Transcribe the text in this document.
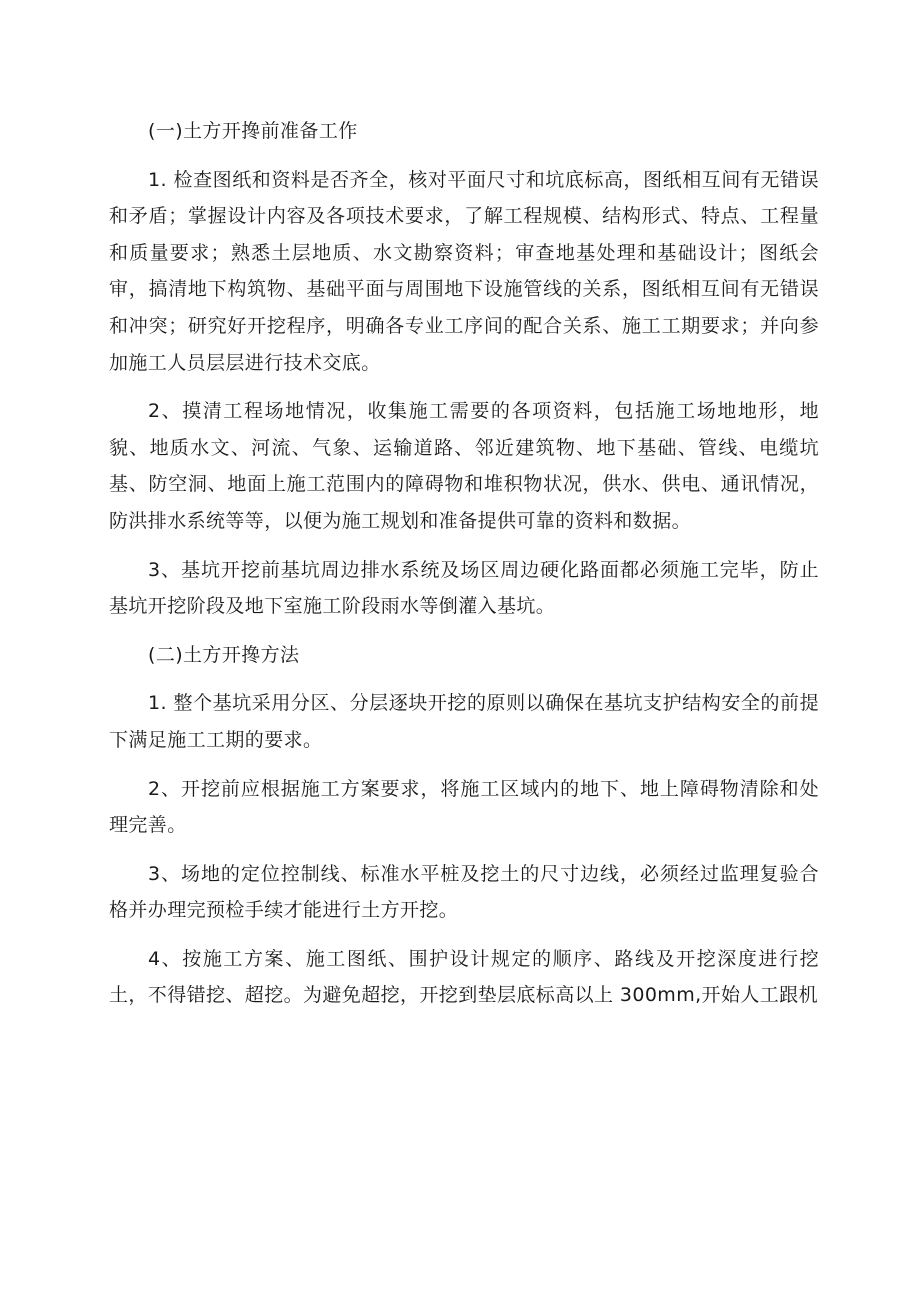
(一)土方开搀前准备工作

1. 检查图纸和资料是否齐全，核对平面尺寸和坑底标高，图纸相互间有无错误和矛盾；掌握设计内容及各项技术要求，了解工程规模、结构形式、特点、工程量和质量要求；熟悉土层地质、水文勘察资料；审查地基处理和基础设计；图纸会审，搞清地下构筑物、基础平面与周围地下设施管线的关系，图纸相互间有无错误和冲突；研究好开挖程序，明确各专业工序间的配合关系、施工工期要求；并向参加施工人员层层进行技术交底。

2、摸清工程场地情况，收集施工需要的各项资料，包括施工场地地形，地貌、地质水文、河流、气象、运输道路、邻近建筑物、地下基础、管线、电缆坑基、防空洞、地面上施工范围内的障碍物和堆积物状况，供水、供电、通讯情况，防洪排水系统等等，以便为施工规划和准备提供可靠的资料和数据。

3、基坑开挖前基坑周边排水系统及场区周边硬化路面都必须施工完毕，防止基坑开挖阶段及地下室施工阶段雨水等倒灌入基坑。

(二)土方开搀方法

1. 整个基坑采用分区、分层逐块开挖的原则以确保在基坑支护结构安全的前提下满足施工工期的要求。

2、开挖前应根据施工方案要求，将施工区域内的地下、地上障碍物清除和处理完善。

3、场地的定位控制线、标准水平桩及挖土的尺寸边线，必须经过监理复验合格并办理完预检手续才能进行土方开挖。

4、按施工方案、施工图纸、围护设计规定的顺序、路线及开挖深度进行挖土，不得错挖、超挖。为避免超挖，开挖到垫层底标高以上 300mm,开始人工跟机
